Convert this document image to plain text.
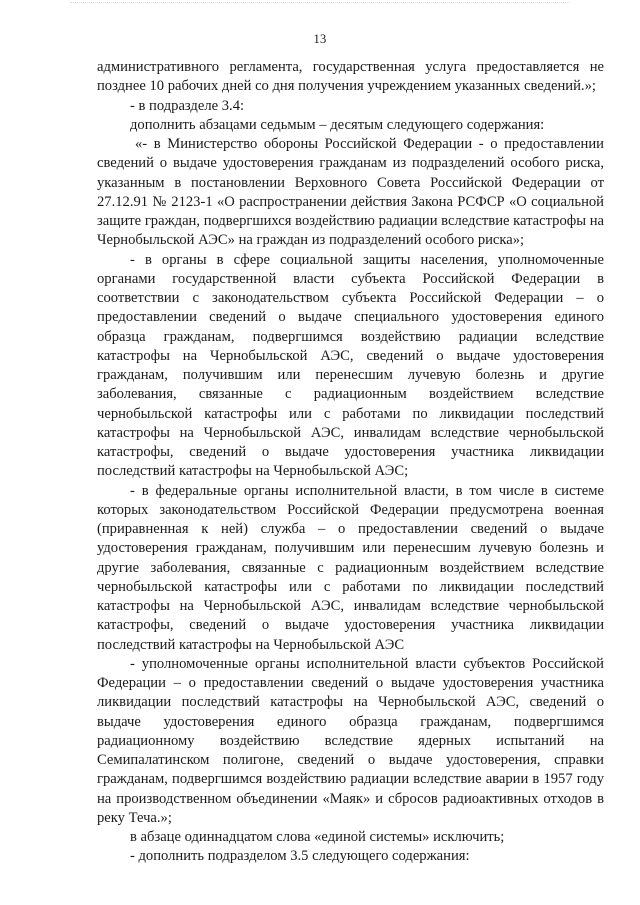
13

административного регламента, государственная услуга предоставляется не позднее 10 рабочих дней со дня получения учреждением указанных сведений.»;

- в подразделе 3.4:

дополнить абзацами седьмым – десятым следующего содержания:

«- в Министерство обороны Российской Федерации - о предоставлении сведений о выдаче удостоверения гражданам из подразделений особого риска, указанным в постановлении Верховного Совета Российской Федерации от 27.12.91 № 2123-1 «О распространении действия Закона РСФСР «О социальной защите граждан, подвергшихся воздействию радиации вследствие катастрофы на Чернобыльской АЭС» на граждан из подразделений особого риска»;

- в органы в сфере социальной защиты населения, уполномоченные органами государственной власти субъекта Российской Федерации в соответствии с законодательством субъекта Российской Федерации – о предоставлении сведений о выдаче специального удостоверения единого образца гражданам, подвергшимся воздействию радиации вследствие катастрофы на Чернобыльской АЭС, сведений о выдаче удостоверения гражданам, получившим или перенесшим лучевую болезнь и другие заболевания, связанные с радиационным воздействием вследствие чернобыльской катастрофы или с работами по ликвидации последствий катастрофы на Чернобыльской АЭС, инвалидам вследствие чернобыльской катастрофы, сведений о выдаче удостоверения участника ликвидации последствий катастрофы на Чернобыльской АЭС;

- в федеральные органы исполнительной власти, в том числе в системе которых законодательством Российской Федерации предусмотрена военная (приравненная к ней) служба – о предоставлении сведений о выдаче удостоверения гражданам, получившим или перенесшим лучевую болезнь и другие заболевания, связанные с радиационным воздействием вследствие чернобыльской катастрофы или с работами по ликвидации последствий катастрофы на Чернобыльской АЭС, инвалидам вследствие чернобыльской катастрофы, сведений о выдаче удостоверения участника ликвидации последствий катастрофы на Чернобыльской АЭС

- уполномоченные органы исполнительной власти субъектов Российской Федерации – о предоставлении сведений о выдаче удостоверения участника ликвидации последствий катастрофы на Чернобыльской АЭС, сведений о выдаче удостоверения единого образца гражданам, подвергшимся радиационному воздействию вследствие ядерных испытаний на Семипалатинском полигоне, сведений о выдаче удостоверения, справки гражданам, подвергшимся воздействию радиации вследствие аварии в 1957 году на производственном объединении «Маяк» и сбросов радиоактивных отходов в реку Теча.»;

в абзаце одиннадцатом слова «единой системы» исключить;

- дополнить подразделом 3.5 следующего содержания:
